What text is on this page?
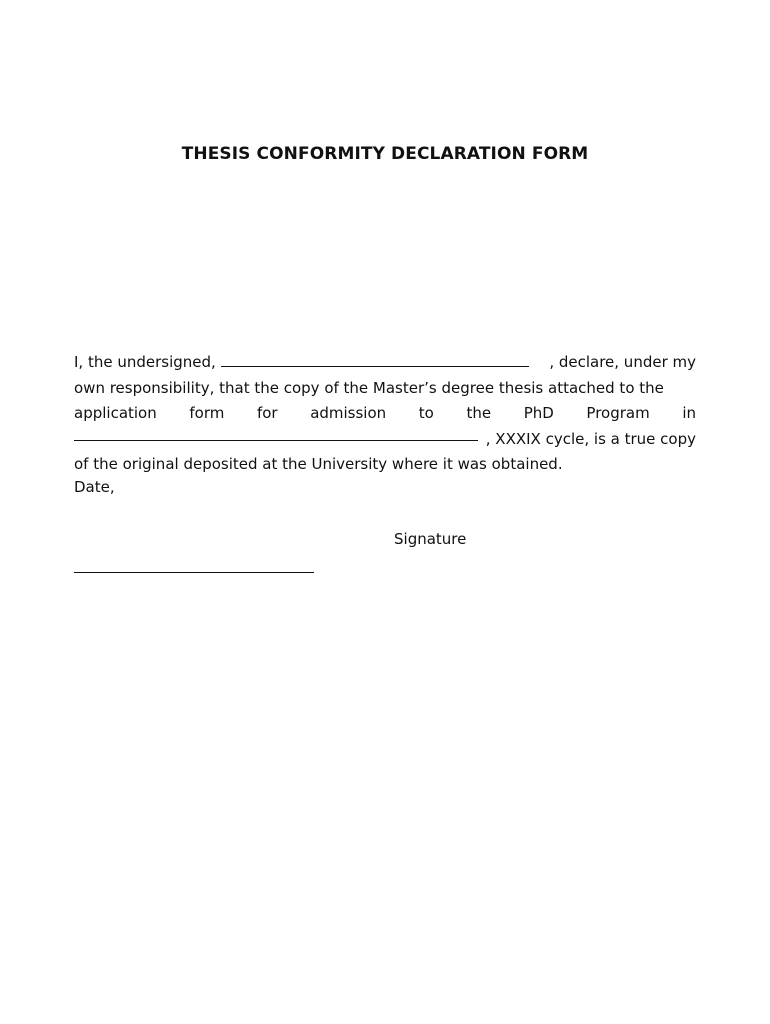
THESIS CONFORMITY DECLARATION FORM
I, the undersigned,	, declare, under my
own responsibility, that the copy of the Master’s degree thesis attached to the
application form for admission to the PhD Program in
, XXXIX cycle, is a true copy
of the original deposited at the University where it was obtained.
Date,
Signature
